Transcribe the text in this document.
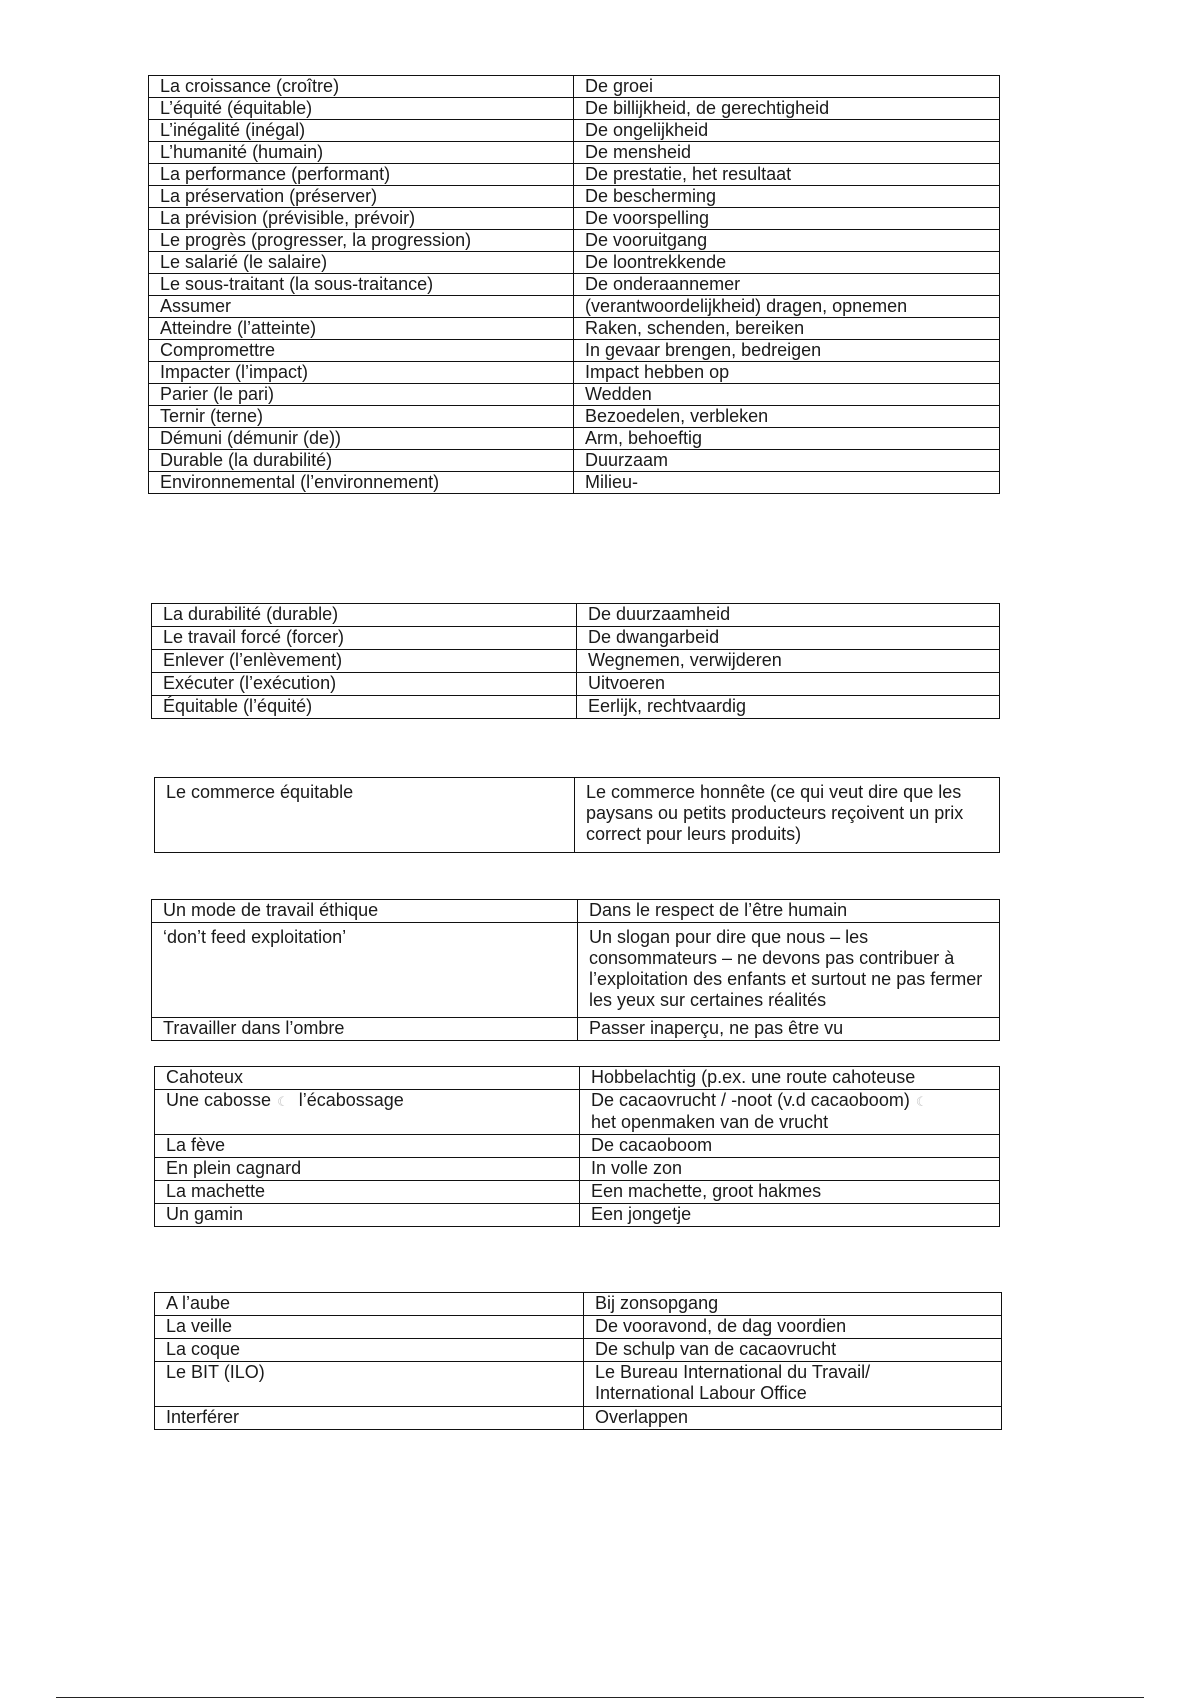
La croissance (croître)	De groei
L’équité (équitable)	De billijkheid, de gerechtigheid
L’inégalité (inégal)	De ongelijkheid
L’humanité (humain)	De mensheid
La performance (performant)	De prestatie, het resultaat
La préservation (préserver)	De bescherming
La prévision (prévisible, prévoir)	De voorspelling
Le progrès (progresser, la progression)	De vooruitgang
Le salarié (le salaire)	De loontrekkende
Le sous-traitant (la sous-traitance)	De onderaannemer
Assumer	(verantwoordelijkheid) dragen, opnemen
Atteindre (l’atteinte)	Raken, schenden, bereiken
Compromettre	In gevaar brengen, bedreigen
Impacter (l’impact)	Impact hebben op
Parier (le pari)	Wedden
Ternir (terne)	Bezoedelen, verbleken
Démuni (démunir (de))	Arm, behoeftig
Durable (la durabilité)	Duurzaam
Environnemental (l’environnement)	Milieu-
La durabilité (durable)	De duurzaamheid
Le travail forcé (forcer)	De dwangarbeid
Enlever (l’enlèvement)	Wegnemen, verwijderen
Exécuter (l’exécution)	Uitvoeren
Équitable (l’équité)	Eerlijk, rechtvaardig
Le commerce équitable	Le commerce honnête (ce qui veut dire que les paysans ou petits producteurs reçoivent un prix correct pour leurs produits)
Un mode de travail éthique	Dans le respect de l’être humain
‘don’t feed exploitation’	Un slogan pour dire que nous – les consommateurs – ne devons pas contribuer à l’exploitation des enfants et surtout ne pas fermer les yeux sur certaines réalités
Travailler dans l’ombre	Passer inaperçu, ne pas être vu
Cahoteux	Hobbelachtig (p.ex. une route cahoteuse
Une cabosse ☾ l’écabossage	De cacaovrucht / -noot (v.d cacaoboom) ☾
het openmaken van de vrucht
La fève	De cacaoboom
En plein cagnard	In volle zon
La machette	Een machette, groot hakmes
Un gamin	Een jongetje
A l’aube	Bij zonsopgang
La veille	De vooravond, de dag voordien
La coque	De schulp van de cacaovrucht
Le BIT (ILO)	Le Bureau International du Travail/
International Labour Office
Interférer	Overlappen
